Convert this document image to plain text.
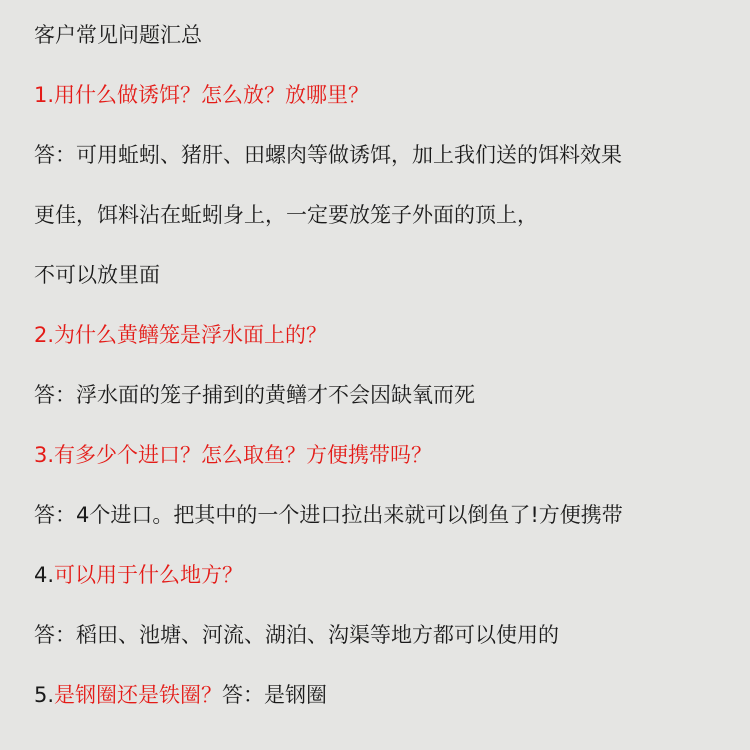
客户常见问题汇总
1.用什么做诱饵？怎么放？放哪里？
答：可用蚯蚓、猪肝、田螺肉等做诱饵，加上我们送的饵料效果
更佳，饵料沾在蚯蚓身上，一定要放笼子外面的顶上，
不可以放里面
2.为什么黄鳝笼是浮水面上的？
答：浮水面的笼子捕到的黄鳝才不会因缺氧而死
3.有多少个进口？怎么取鱼？方便携带吗？
答：4个进口。把其中的一个进口拉出来就可以倒鱼了!方便携带
4.可以用于什么地方？
答：稻田、池塘、河流、湖泊、沟渠等地方都可以使用的
5.是钢圈还是铁圈？答：是钢圈
